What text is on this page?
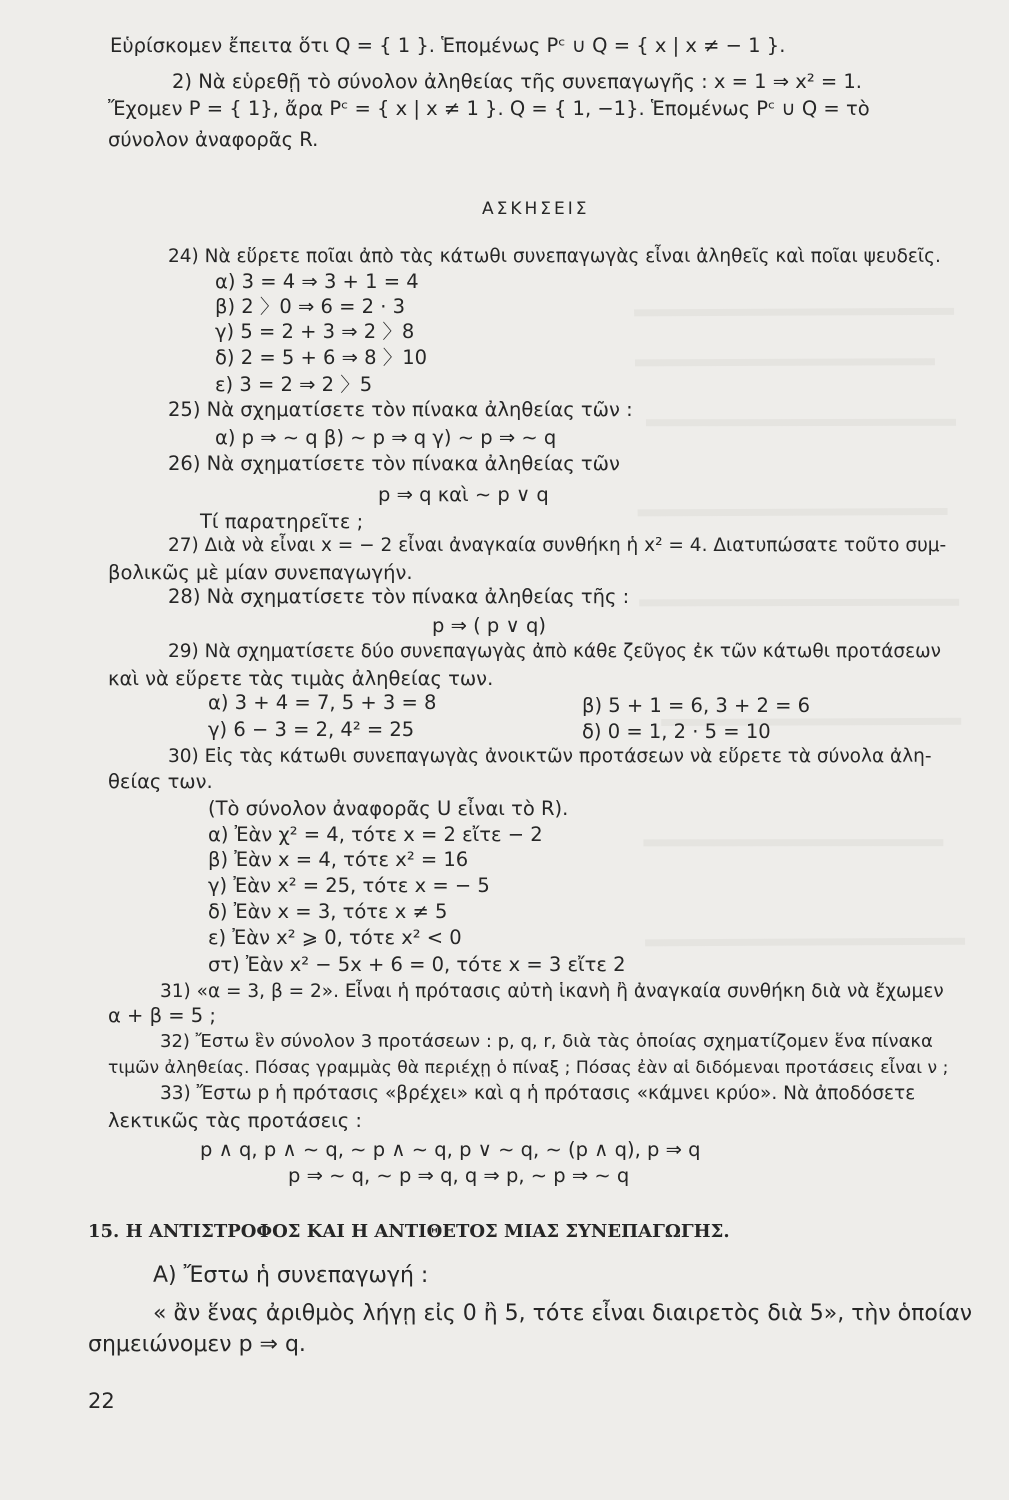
Εὑρίσκομεν ἔπειτα ὅτι Q = { 1 }. Ἑπομένως Pᶜ ∪ Q = { x | x ≠ − 1 }.
2) Νὰ εὑρεθῇ τὸ σύνολον ἀληθείας τῆς συνεπαγωγῆς : x = 1 ⇒ x² = 1.
Ἔχομεν P = { 1}, ἄρα Pᶜ = { x | x ≠ 1 }. Q = { 1, −1}. Ἑπομένως Pᶜ ∪ Q = τὸ
σύνολον ἀναφορᾶς R.
ΑΣΚΗΣΕΙΣ
24) Νὰ εὕρετε ποῖαι ἀπὸ τὰς κάτωθι συνεπαγωγὰς εἶναι ἀληθεῖς καὶ ποῖαι ψευδεῖς.
α) 3 = 4 ⇒ 3 + 1 = 4
β) 2 〉0 ⇒ 6 = 2 · 3
γ) 5 = 2 + 3 ⇒ 2 〉8
δ) 2 = 5 + 6 ⇒ 8 〉10
ε) 3 = 2 ⇒ 2 〉5
25) Νὰ σχηματίσετε τὸν πίνακα ἀληθείας τῶν :
α) p ⇒ ∼ q β) ∼ p ⇒ q γ) ∼ p ⇒ ∼ q
26) Νὰ σχηματίσετε τὸν πίνακα ἀληθείας τῶν
p ⇒ q καὶ ∼ p ∨ q
Τί παρατηρεῖτε ;
27) Διὰ νὰ εἶναι x = − 2 εἶναι ἀναγκαία συνθήκη ἡ x² = 4. Διατυπώσατε τοῦτο συμ-
βολικῶς μὲ μίαν συνεπαγωγήν.
28) Νὰ σχηματίσετε τὸν πίνακα ἀληθείας τῆς :
p ⇒ ( p ∨ q)
29) Νὰ σχηματίσετε δύο συνεπαγωγὰς ἀπὸ κάθε ζεῦγος ἐκ τῶν κάτωθι προτάσεων
καὶ νὰ εὕρετε τὰς τιμὰς ἀληθείας των.
α) 3 + 4 = 7, 5 + 3 = 8	β) 5 + 1 = 6, 3 + 2 = 6
γ) 6 − 3 = 2, 4² = 25	δ) 0 = 1, 2 · 5 = 10
30) Εἰς τὰς κάτωθι συνεπαγωγὰς ἀνοικτῶν προτάσεων νὰ εὕρετε τὰ σύνολα ἀλη-
θείας των.
(Τὸ σύνολον ἀναφορᾶς U εἶναι τὸ R).
α) Ἐὰν χ² = 4, τότε x = 2 εἴτε − 2
β) Ἐὰν x = 4, τότε x² = 16
γ) Ἐὰν x² = 25, τότε x = − 5
δ) Ἐὰν x = 3, τότε x ≠ 5
ε) Ἐὰν x² ⩾ 0, τότε x² < 0
στ) Ἐὰν x² − 5x + 6 = 0, τότε x = 3 εἴτε 2
31) «α = 3, β = 2». Εἶναι ἡ πρότασις αὐτὴ ἱκανὴ ἢ ἀναγκαία συνθήκη διὰ νὰ ἔχωμεν
α + β = 5 ;
32) Ἔστω ἓν σύνολον 3 προτάσεων : p, q, r, διὰ τὰς ὁποίας σχηματίζομεν ἕνα πίνακα
τιμῶν ἀληθείας. Πόσας γραμμὰς θὰ περιέχῃ ὁ πίναξ ; Πόσας ἐὰν αἱ διδόμεναι προτάσεις εἶναι ν ;
33) Ἔστω p ἡ πρότασις «βρέχει» καὶ q ἡ πρότασις «κάμνει κρύο». Νὰ ἀποδόσετε
λεκτικῶς τὰς προτάσεις :
p ∧ q, p ∧ ∼ q, ∼ p ∧ ∼ q, p ∨ ∼ q, ∼ (p ∧ q), p ⇒ q
p ⇒ ∼ q, ∼ p ⇒ q, q ⇒ p, ∼ p ⇒ ∼ q
15. Η ΑΝΤΙΣΤΡΟΦΟΣ ΚΑΙ Η ΑΝΤΙΘΕΤΟΣ ΜΙΑΣ ΣΥΝΕΠΑΓΩΓΗΣ.
Α) Ἔστω ἡ συνεπαγωγή :
« ἂν ἕνας ἀριθμὸς λήγῃ εἰς 0 ἢ 5, τότε εἶναι διαιρετὸς διὰ 5», τὴν ὁποίαν
σημειώνομεν p ⇒ q.
22
